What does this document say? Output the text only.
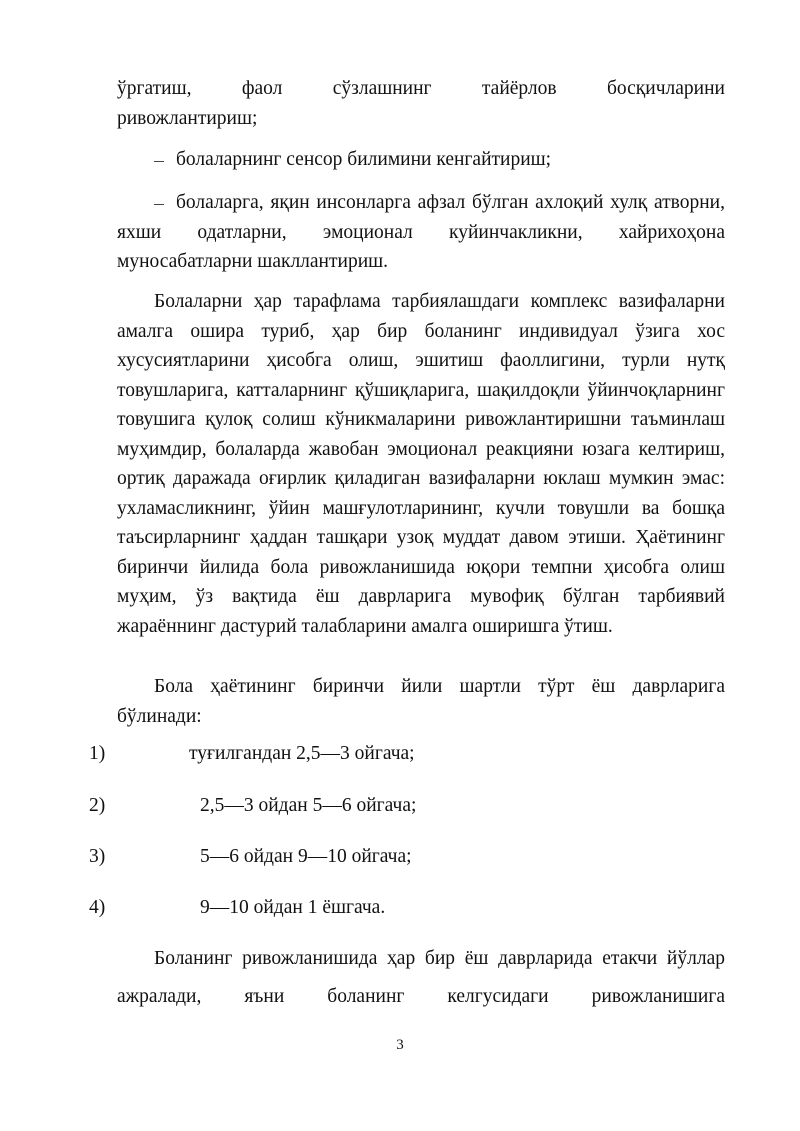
ўргатиш,	фаол	сўзлашнинг	тайёрлов	босқичларини
ривожлантириш;
болаларнинг сенсор билимини кенгайтириш;
болаларга, яқин инсонларга афзал бўлган ахлоқий хулқ атворни, яхши одатларни, эмоционал куйинчакликни, хайрихоҳона муносабатларни шакллантириш.

Болаларни ҳар тарафлама тарбиялашдаги комплекс вазифаларни амалга ошира туриб, ҳар бир боланинг индивидуал ўзига хос хусусиятларини ҳисобга олиш, эшитиш фаоллигини, турли нутқ товушларига, катталарнинг қўшиқларига, шақилдоқли ўйинчоқларнинг товушига қулоқ солиш кўникмаларини ривожлантиришни таъминлаш муҳимдир, болаларда жавобан эмоционал реакцияни юзага келтириш, ортиқ даражада оғирлик қиладиган вазифаларни юклаш мумкин эмас: ухламасликнинг, ўйин машғулотларининг, кучли товушли ва бошқа таъсирларнинг ҳаддан ташқари узоқ муддат давом этиши. Ҳаётининг биринчи йилида бола ривожланишида юқори темпни ҳисобга олиш муҳим, ўз вақтида ёш даврларига мувофиқ бўлган тарбиявий жараённинг дастурий талабларини амалга оширишга ўтиш.

Бола ҳаётининг биринчи йили шартли тўрт ёш даврларига бўлинади:

1)	туғилгандан 2,5—3 ойгача;
2)	2,5—3 ойдан 5—6 ойгача;
3)	5—6 ойдан 9—10 ойгача;
4)	9—10 ойдан 1 ёшгача.

Боланинг ривожланишида ҳар бир ёш даврларида етакчи йўллар ажралади, яъни боланинг келгусидаги ривожланишига

3
